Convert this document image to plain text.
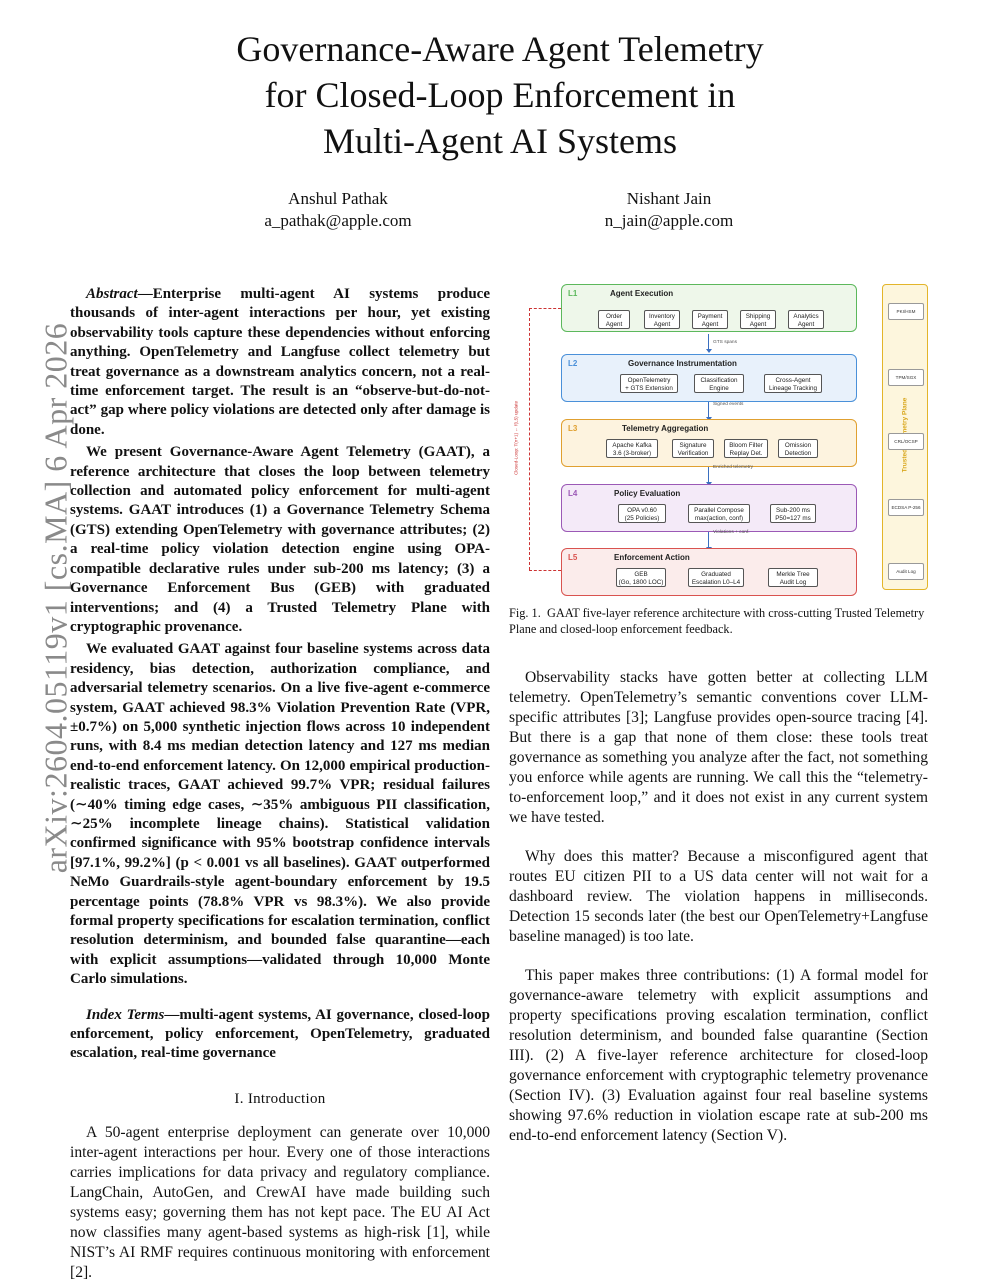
Governance-Aware Agent Telemetry
for Closed-Loop Enforcement in
Multi-Agent AI Systems
Anshul Pathak
a_pathak@apple.com
Nishant Jain
n_jain@apple.com
arXiv:2604.05119v1 [cs.MA] 6 Apr 2026

Abstract—Enterprise multi-agent AI systems produce thousands of inter-agent interactions per hour, yet existing observability tools capture these dependencies without enforcing anything. OpenTelemetry and Langfuse collect telemetry but treat governance as a downstream analytics concern, not a real-time enforcement target. The result is an “observe-but-do-not-act” gap where policy violations are detected only after damage is done.

We present Governance-Aware Agent Telemetry (GAAT), a reference architecture that closes the loop between telemetry collection and automated policy enforcement for multi-agent systems. GAAT introduces (1) a Governance Telemetry Schema (GTS) extending OpenTelemetry with governance attributes; (2) a real-time policy violation detection engine using OPA-compatible declarative rules under sub-200 ms latency; (3) a Governance Enforcement Bus (GEB) with graduated interventions; and (4) a Trusted Telemetry Plane with cryptographic provenance.

We evaluated GAAT against four baseline systems across data residency, bias detection, authorization compliance, and adversarial telemetry scenarios. On a live five-agent e-commerce system, GAAT achieved 98.3% Violation Prevention Rate (VPR, ±0.7%) on 5,000 synthetic injection flows across 10 independent runs, with 8.4 ms median detection latency and 127 ms median end-to-end enforcement latency. On 12,000 empirical production-realistic traces, GAAT achieved 99.7% VPR; residual failures (∼40% timing edge cases, ∼35% ambiguous PII classification, ∼25% incomplete lineage chains). Statistical validation confirmed significance with 95% bootstrap confidence intervals [97.1%, 99.2%] (p < 0.001 vs all baselines). GAAT outperformed NeMo Guardrails-style agent-boundary enforcement by 19.5 percentage points (78.8% VPR vs 98.3%). We also provide formal property specifications for escalation termination, conflict resolution determinism, and bounded false quarantine—each with explicit assumptions—validated through 10,000 Monte Carlo simulations.

Index Terms—multi-agent systems, AI governance, closed-loop enforcement, policy enforcement, OpenTelemetry, graduated escalation, real-time governance

I. Introduction

A 50-agent enterprise deployment can generate over 10,000 inter-agent interactions per hour. Every one of those interactions carries implications for data privacy and regulatory compliance. LangChain, AutoGen, and CrewAI have made building such systems easy; governing them has not kept pace. The EU AI Act now classifies many agent-based systems as high-risk [1], while NIST’s AI RMF requires continuous monitoring with enforcement [2].

Closed-Loop: T(n+1) ← f(L5) update
L1	Agent Execution
Order
Agent
Inventory
Agent
Payment
Agent
Shipping
Agent
Analytics
Agent
GTS spans
L2	Governance Instrumentation
OpenTelemetry
+ GTS Extension
Classification
Engine
Cross-Agent
Lineage Tracking
Signed events
L3	Telemetry Aggregation
Apache Kafka
3.6 (3-broker)
Signature
Verification
Bloom Filter
Replay Det.
Omission
Detection
Enriched telemetry
L4	Policy Evaluation
OPA v0.60
(25 Policies)
Parallel Compose
max(action, conf)
Sub-200 ms
P50=127 ms
Violations + conf.
L5	Enforcement Action
GEB
(Go, 1800 LOC)
Graduated
Escalation L0–L4
Merkle Tree
Audit Log
PKI/HSM
TPM/SGX
CRL/OCSP
ECDSA P-256
Audit Log

Fig. 1. GAAT five-layer reference architecture with cross-cutting Trusted Telemetry Plane and closed-loop enforcement feedback.

Observability stacks have gotten better at collecting LLM telemetry. OpenTelemetry’s semantic conventions cover LLM-specific attributes [3]; Langfuse provides open-source tracing [4]. But there is a gap that none of them close: these tools treat governance as something you analyze after the fact, not something you enforce while agents are running. We call this the “telemetry-to-enforcement loop,” and it does not exist in any current system we have tested.

Why does this matter? Because a misconfigured agent that routes EU citizen PII to a US data center will not wait for a dashboard review. The violation happens in milliseconds. Detection 15 seconds later (the best our OpenTelemetry+Langfuse baseline managed) is too late.

This paper makes three contributions: (1) A formal model for governance-aware telemetry with explicit assumptions and property specifications proving escalation termination, conflict resolution determinism, and bounded false quarantine (Section III). (2) A five-layer reference architecture for closed-loop governance enforcement with cryptographic telemetry provenance (Section IV). (3) Evaluation against four real baseline systems showing 97.6% reduction in violation escape rate at sub-200 ms end-to-end enforcement latency (Section V).
